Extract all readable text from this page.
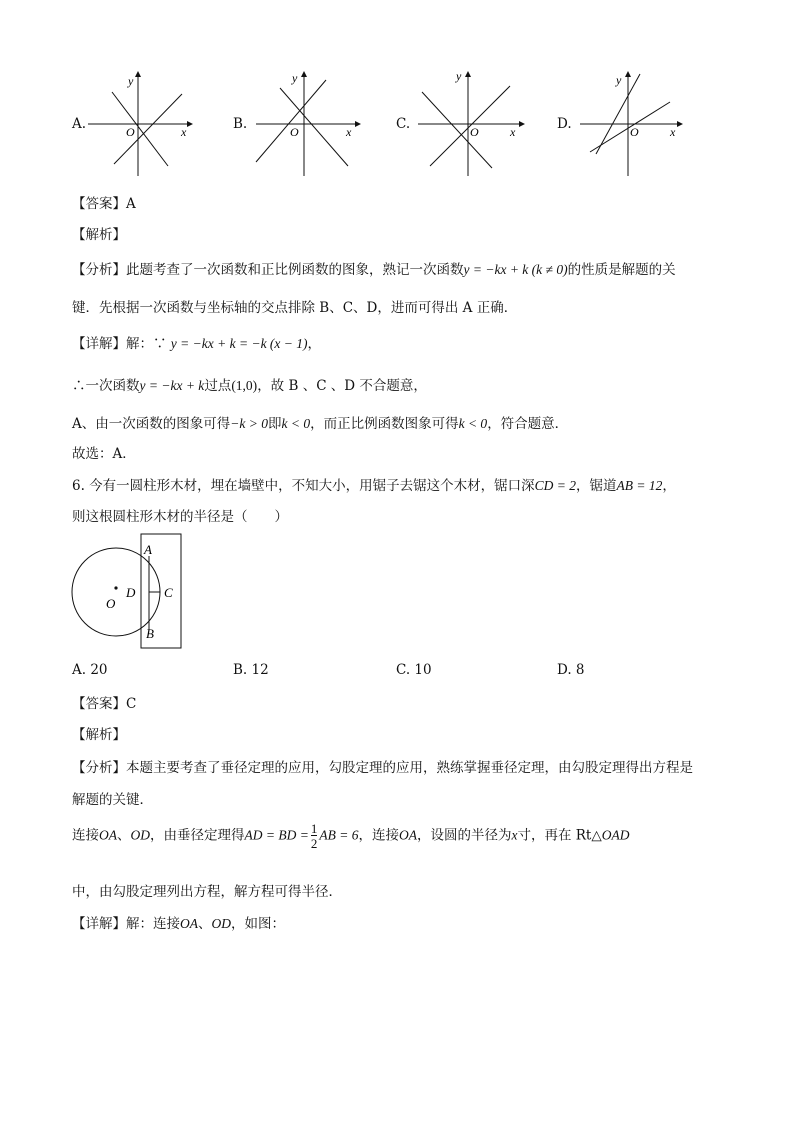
A.
y
x
O	B.
y
x
O	C.
y
x
O	D.
y
x
O
【答案】A
【解析】
【分析】此题考查了一次函数和正比例函数的图象，熟记一次函数y = −kx + k (k ≠ 0)的性质是解题的关
键．先根据一次函数与坐标轴的交点排除 B、C、D，进而可得出 A 正确．
【详解】解：∵ y = −kx + k = −k (x − 1)，
∴一次函数y = −kx + k过点(1,0)，故 B 、C 、D 不合题意，
A、由一次函数的图象可得−k > 0即k < 0，而正比例函数图象可得k < 0，符合题意．
故选：A．
6. 今有一圆柱形木材，埋在墙壁中，不知大小，用锯子去锯这个木材，锯口深CD = 2，锯道AB = 12，
则这根圆柱形木材的半径是（　　）
A
B
C
D
O
A. 20	B. 12	C. 10	D. 8
【答案】C
【解析】
【分析】本题主要考查了垂径定理的应用，勾股定理的应用，熟练掌握垂径定理，由勾股定理得出方程是
解题的关键．
连接OA、OD，由垂径定理得AD = BD = $\frac{1}{2}$ AB = 6，连接OA，设圆的半径为x寸，再在 Rt△OAD
中，由勾股定理列出方程，解方程可得半径．
【详解】解：连接OA、OD，如图：
